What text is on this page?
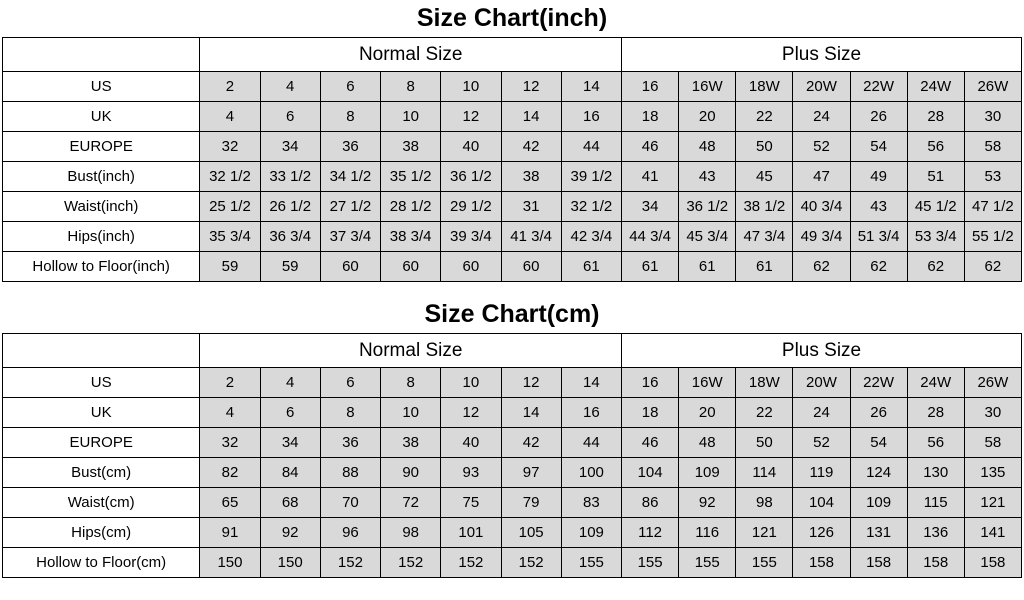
Size Chart(inch)
	Normal Size							Plus Size						
US	2	4	6	8	10	12	14	16	16W	18W	20W	22W	24W	26W
UK	4	6	8	10	12	14	16	18	20	22	24	26	28	30
EUROPE	32	34	36	38	40	42	44	46	48	50	52	54	56	58
Bust(inch)	32 1/2	33 1/2	34 1/2	35 1/2	36 1/2	38	39 1/2	41	43	45	47	49	51	53
Waist(inch)	25 1/2	26 1/2	27 1/2	28 1/2	29 1/2	31	32 1/2	34	36 1/2	38 1/2	40 3/4	43	45 1/2	47 1/2
Hips(inch)	35 3/4	36 3/4	37 3/4	38 3/4	39 3/4	41 3/4	42 3/4	44 3/4	45 3/4	47 3/4	49 3/4	51 3/4	53 3/4	55 1/2
Hollow to Floor(inch)	59	59	60	60	60	60	61	61	61	61	62	62	62	62
Size Chart(cm)
	Normal Size							Plus Size						
US	2	4	6	8	10	12	14	16	16W	18W	20W	22W	24W	26W
UK	4	6	8	10	12	14	16	18	20	22	24	26	28	30
EUROPE	32	34	36	38	40	42	44	46	48	50	52	54	56	58
Bust(cm)	82	84	88	90	93	97	100	104	109	114	119	124	130	135
Waist(cm)	65	68	70	72	75	79	83	86	92	98	104	109	115	121
Hips(cm)	91	92	96	98	101	105	109	112	116	121	126	131	136	141
Hollow to Floor(cm)	150	150	152	152	152	152	155	155	155	155	158	158	158	158
